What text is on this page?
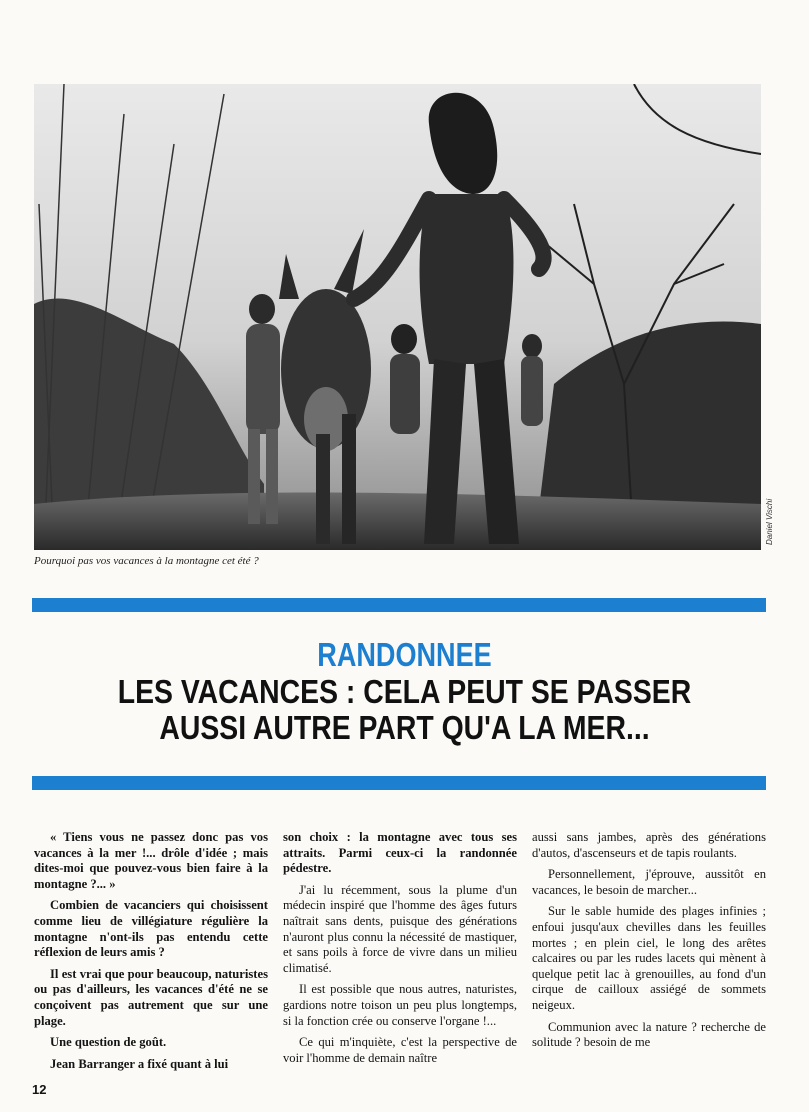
Daniel Vischi
Pourquoi pas vos vacances à la montagne cet été ?
RANDONNEE
LES VACANCES : CELA PEUT SE PASSER
AUSSI AUTRE PART QU'A LA MER...

« Tiens vous ne passez donc pas vos vacances à la mer !... drôle d'idée ; mais dites-moi que pouvez-vous bien faire à la montagne ?... »

Combien de vacanciers qui choisissent comme lieu de villégiature régulière la montagne n'ont-ils pas entendu cette réflexion de leurs amis ?

Il est vrai que pour beaucoup, naturistes ou pas d'ailleurs, les vacances d'été ne se conçoivent pas autrement que sur une plage.

Une question de goût.

Jean Barranger a fixé quant à lui

son choix : la montagne avec tous ses attraits. Parmi ceux-ci la randonnée pédestre.

J'ai lu récemment, sous la plume d'un médecin inspiré que l'homme des âges futurs naîtrait sans dents, puisque des générations n'auront plus connu la nécessité de mastiquer, et sans poils à force de vivre dans un milieu climatisé.

Il est possible que nous autres, naturistes, gardions notre toison un peu plus longtemps, si la fonction crée ou conserve l'organe !...

Ce qui m'inquiète, c'est la perspective de voir l'homme de demain naître

aussi sans jambes, après des générations d'autos, d'ascenseurs et de tapis roulants.

Personnellement, j'éprouve, aussitôt en vacances, le besoin de marcher...

Sur le sable humide des plages infinies ; enfoui jusqu'aux chevilles dans les feuilles mortes ; en plein ciel, le long des arêtes calcaires ou par les rudes lacets qui mènent à quelque petit lac à grenouilles, au fond d'un cirque de cailloux assiégé de sommets neigeux.

Communion avec la nature ? recherche de solitude ? besoin de me

12
